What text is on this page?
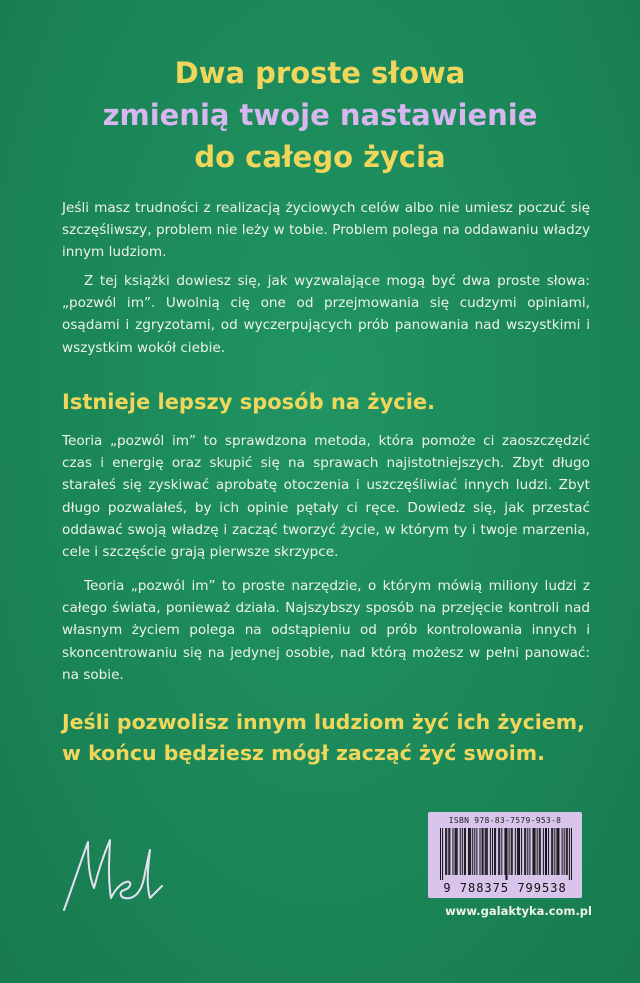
Dwa proste słowa
zmienią twoje nastawienie
do całego życia

Jeśli masz trudności z realizacją życiowych celów albo nie umiesz poczuć się szczęśliwszy, problem nie leży w tobie. Problem polega na oddawaniu władzy innym ludziom.

Z tej książki dowiesz się, jak wyzwalające mogą być dwa proste słowa: „pozwól im”. Uwolnią cię one od przejmowania się cudzymi opiniami, osądami i zgryzotami, od wyczerpujących prób panowania nad wszystkimi i wszystkim wokół ciebie.

Istnieje lepszy sposób na życie.

Teoria „pozwól im” to sprawdzona metoda, która pomoże ci zaoszczędzić czas i energię oraz skupić się na sprawach najistotniejszych. Zbyt długo starałeś się zyskiwać aprobatę otoczenia i uszczęśliwiać innych ludzi. Zbyt długo pozwalałeś, by ich opinie pętały ci ręce. Dowiedz się, jak przestać oddawać swoją władzę i zacząć tworzyć życie, w którym ty i twoje marzenia, cele i szczęście grają pierwsze skrzypce.

Teoria „pozwól im” to proste narzędzie, o którym mówią miliony ludzi z całego świata, ponieważ działa. Najszybszy sposób na przejęcie kontroli nad własnym życiem polega na odstąpieniu od prób kontrolowania innych i skoncentrowaniu się na jedynej osobie, nad którą możesz w pełni panować: na sobie.

Jeśli pozwolisz innym ludziom żyć ich życiem,
w końcu będziesz mógł zacząć żyć swoim.

ISBN 978-83-7579-953-8
9 788375 799538
www.galaktyka.com.pl
